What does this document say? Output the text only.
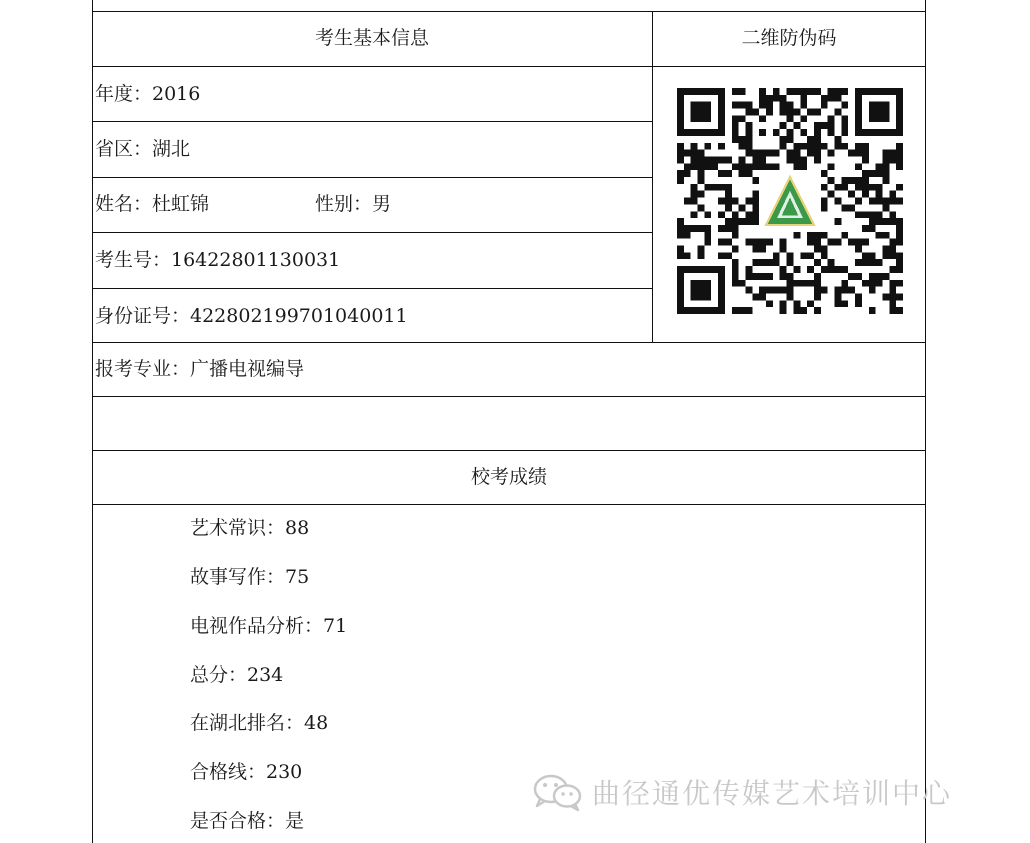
考生基本信息	二维防伪码
年度：2016
省区：湖北
姓名：杜虹锦	性别：男
考生号：16422801130031
身份证号：422802199701040011
报考专业：广播电视编导
校考成绩
艺术常识：88
故事写作：75
电视作品分析：71
总分：234
在湖北排名：48
合格线：230
是否合格：是
曲径通优传媒艺术培训中心
